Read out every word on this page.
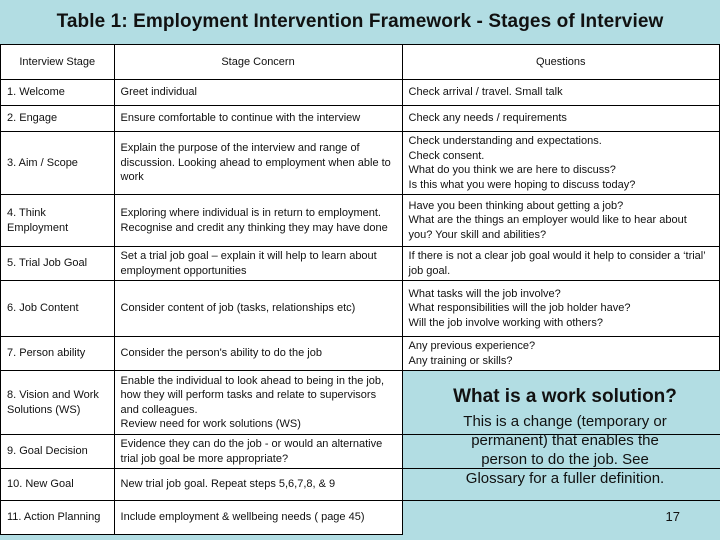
Table 1: Employment Intervention Framework - Stages of Interview
Interview Stage	Stage Concern	Questions
1. Welcome	Greet individual	Check arrival / travel. Small talk
2. Engage	Ensure comfortable to continue with the interview	Check any needs / requirements
3. Aim / Scope	Explain the purpose of the interview and range of discussion. Looking ahead to employment when able to work	Check understanding and expectations.
Check consent.
What do you think we are here to discuss?
Is this what you were hoping to discuss today?
4. Think Employment	Exploring where individual is in return to employment. Recognise and credit any thinking they may have done	Have you been thinking about getting a job?
What are the things an employer would like to hear about you? Your skill and abilities?
5. Trial Job Goal	Set a trial job goal – explain it will help to learn about employment opportunities	If there is not a clear job goal would it help to consider a ‘trial’ job goal.
6. Job Content	Consider content of job (tasks, relationships etc)	What tasks will the job involve?
What responsibilities will the job holder have?
Will the job involve working with others?
7. Person ability	Consider the person's ability to do the job	Any previous experience?
Any training or skills?
8. Vision and Work Solutions (WS)	Enable the individual to look ahead to being in the job, how they will perform tasks and relate to supervisors and colleagues.
Review need for work solutions (WS)	
9. Goal Decision	Evidence they can do the job - or would an alternative trial job goal be more appropriate?	
10. New Goal	New trial job goal. Repeat steps 5,6,7,8, & 9	
11. Action Planning	Include employment & wellbeing needs ( page 45)	
What is a work solution?
This is a change (temporary or permanent) that enables the person to do the job. See Glossary for a fuller definition.
17
